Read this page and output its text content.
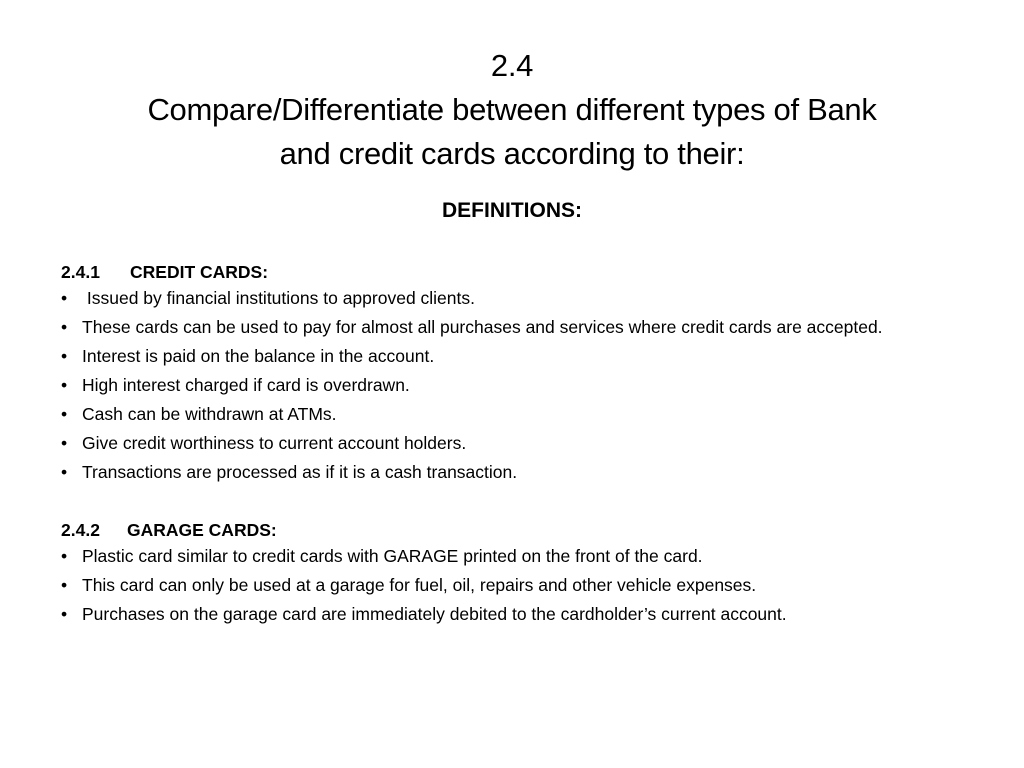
2.4
Compare/Differentiate between different types of Bank
and credit cards according to their:
DEFINITIONS:
2.4.1 CREDIT CARDS:
• Issued by financial institutions to approved clients.
• These cards can be used to pay for almost all purchases and services where credit cards are accepted.
• Interest is paid on the balance in the account.
• High interest charged if card is overdrawn.
• Cash can be withdrawn at ATMs.
• Give credit worthiness to current account holders.
• Transactions are processed as if it is a cash transaction.
2.4.2 GARAGE CARDS:
• Plastic card similar to credit cards with GARAGE printed on the front of the card.
• This card can only be used at a garage for fuel, oil, repairs and other vehicle expenses.
• Purchases on the garage card are immediately debited to the cardholder’s current account.
